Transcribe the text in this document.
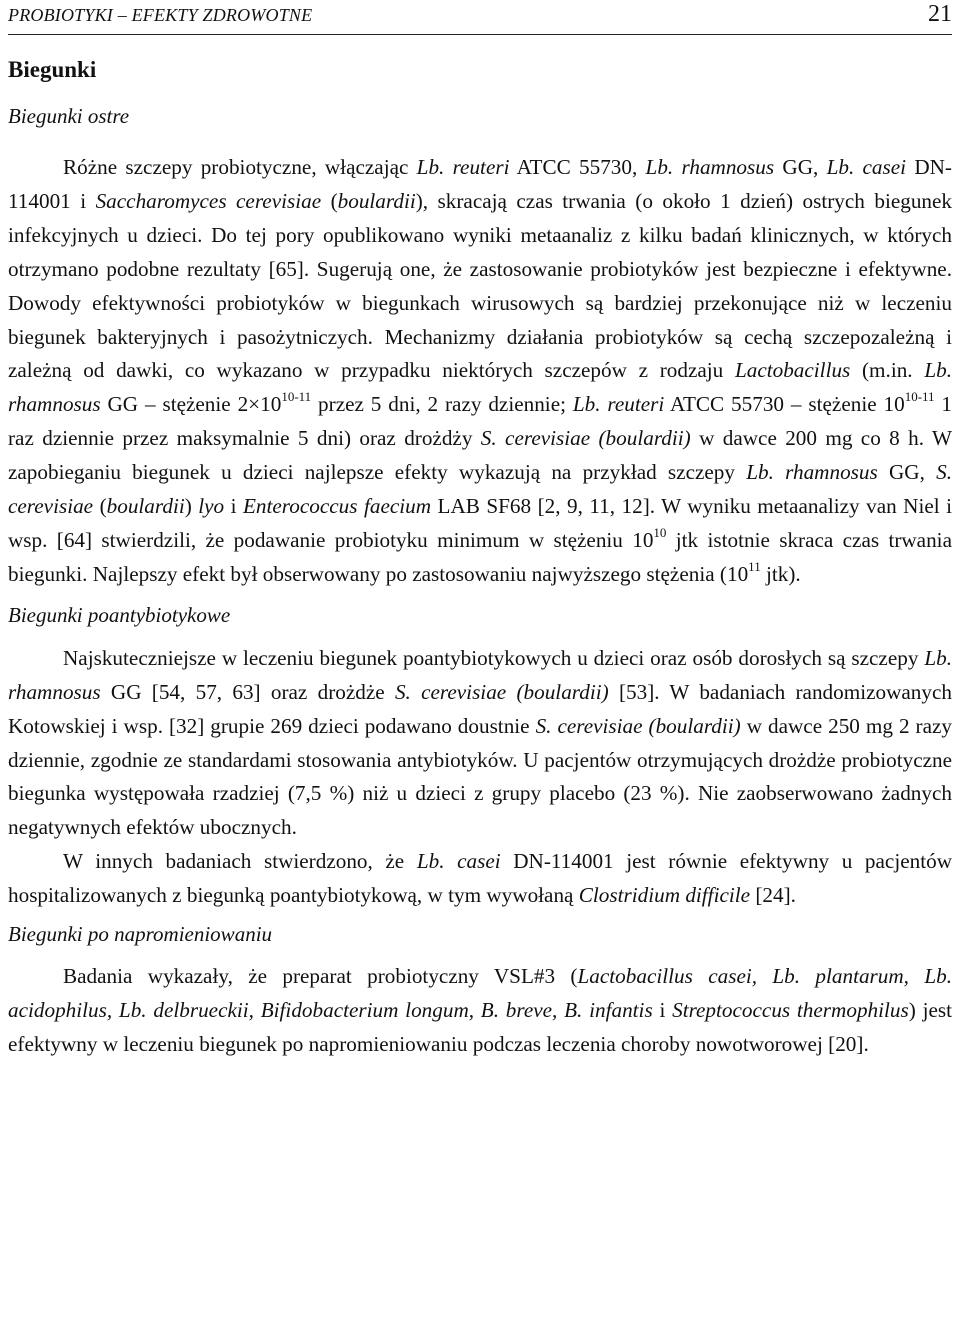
PROBIOTYKI – EFEKTY ZDROWOTNE	21
Biegunki

Biegunki ostre

Różne szczepy probiotyczne, włączając Lb. reuteri ATCC 55730, Lb. rhamnosus GG, Lb. casei DN-114001 i Saccharomyces cerevisiae (boulardii), skracają czas trwania (o około 1 dzień) ostrych biegunek infekcyjnych u dzieci. Do tej pory opublikowano wyniki metaanaliz z kilku badań klinicznych, w których otrzymano podobne rezultaty [65]. Sugerują one, że zastosowanie probiotyków jest bezpieczne i efektywne. Dowody efektywności probiotyków w biegunkach wirusowych są bardziej przekonujące niż w leczeniu biegunek bakteryjnych i pasożytniczych. Mechanizmy działania probiotyków są cechą szczepozależną i zależną od dawki, co wykazano w przypadku niektórych szczepów z rodzaju Lactobacillus (m.in. Lb. rhamnosus GG – stężenie $2\times 10^{10-11}$ przez 5 dni, 2 razy dziennie; Lb. reuteri ATCC 55730 – stężenie 10$^{10-11}$ 1 raz dziennie przez maksymalnie 5 dni) oraz drożdży S. cerevisiae (boulardii) w dawce 200 mg co 8 h. W zapobieganiu biegunek u dzieci najlepsze efekty wykazują na przykład szczepy Lb. rhamnosus GG, S. cerevisiae (boulardii) lyo i Enterococcus faecium LAB SF68 [2, 9, 11, 12]. W wyniku metaanalizy van Niel i wsp. [64] stwierdzili, że podawanie probiotyku minimum w stężeniu $10^{10}$ jtk istotnie skraca czas trwania biegunki. Najlepszy efekt był obserwowany po zastosowaniu najwyższego stężenia ($10^{11}$ jtk).

Biegunki poantybiotykowe

Najskuteczniejsze w leczeniu biegunek poantybiotykowych u dzieci oraz osób dorosłych są szczepy Lb. rhamnosus GG [54, 57, 63] oraz drożdże S. cerevisiae (boulardii) [53]. W badaniach randomizowanych Kotowskiej i wsp. [32] grupie 269 dzieci podawano doustnie S. cerevisiae (boulardii) w dawce 250 mg 2 razy dziennie, zgodnie ze standardami stosowania antybiotyków. U pacjentów otrzymujących drożdże probiotyczne biegunka występowała rzadziej (7,5 %) niż u dzieci z grupy placebo (23 %). Nie zaobserwowano żadnych negatywnych efektów ubocznych.

W innych badaniach stwierdzono, że Lb. casei DN-114001 jest równie efektywny u pacjentów hospitalizowanych z biegunką poantybiotykową, w tym wywołaną Clostridium difficile [24].

Biegunki po napromieniowaniu

Badania wykazały, że preparat probiotyczny VSL#3 (Lactobacillus casei, Lb. plantarum, Lb. acidophilus, Lb. delbrueckii, Bifidobacterium longum, B. breve, B. infantis i Streptococcus thermophilus) jest efektywny w leczeniu biegunek po napromieniowaniu podczas leczenia choroby nowotworowej [20].
